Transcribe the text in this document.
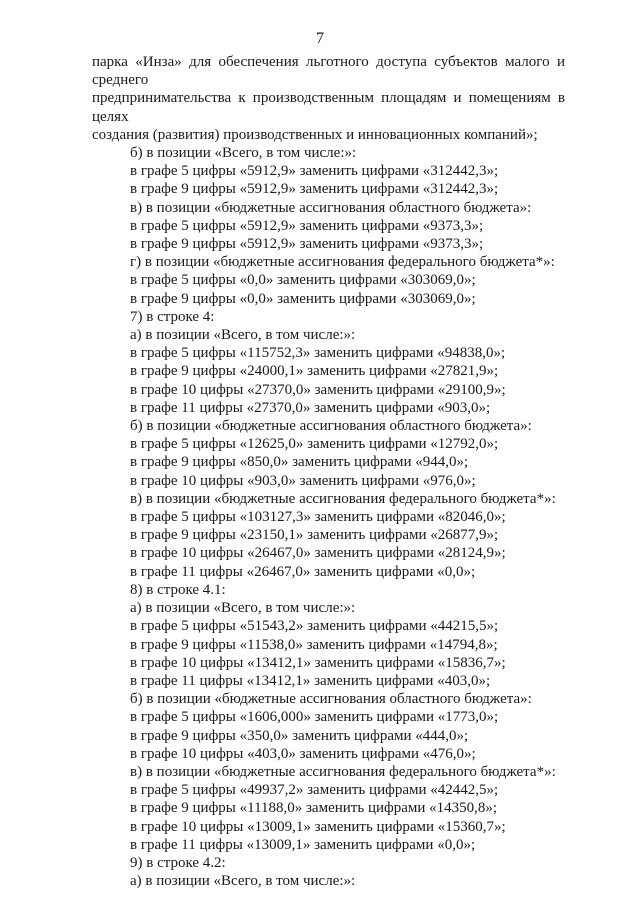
7

парка «Инза» для обеспечения льготного доступа субъектов малого и среднего

предпринимательства к производственным площадям и помещениям в целях

создания (развития) производственных и инновационных компаний»;

б) в позиции «Всего, в том числе:»:

в графе 5 цифры «5912,9» заменить цифрами «312442,3»;

в графе 9 цифры «5912,9» заменить цифрами «312442,3»;

в) в позиции «бюджетные ассигнования областного бюджета»:

в графе 5 цифры «5912,9» заменить цифрами «9373,3»;

в графе 9 цифры «5912,9» заменить цифрами «9373,3»;

г) в позиции «бюджетные ассигнования федерального бюджета*»:

в графе 5 цифры «0,0» заменить цифрами «303069,0»;

в графе 9 цифры «0,0» заменить цифрами «303069,0»;

7) в строке 4:

а) в позиции «Всего, в том числе:»:

в графе 5 цифры «115752,3» заменить цифрами «94838,0»;

в графе 9 цифры «24000,1» заменить цифрами «27821,9»;

в графе 10 цифры «27370,0» заменить цифрами «29100,9»;

в графе 11 цифры «27370,0» заменить цифрами «903,0»;

б) в позиции «бюджетные ассигнования областного бюджета»:

в графе 5 цифры «12625,0» заменить цифрами «12792,0»;

в графе 9 цифры «850,0» заменить цифрами «944,0»;

в графе 10 цифры «903,0» заменить цифрами «976,0»;

в) в позиции «бюджетные ассигнования федерального бюджета*»:

в графе 5 цифры «103127,3» заменить цифрами «82046,0»;

в графе 9 цифры «23150,1» заменить цифрами «26877,9»;

в графе 10 цифры «26467,0» заменить цифрами «28124,9»;

в графе 11 цифры «26467,0» заменить цифрами «0,0»;

8) в строке 4.1:

а) в позиции «Всего, в том числе:»:

в графе 5 цифры «51543,2» заменить цифрами «44215,5»;

в графе 9 цифры «11538,0» заменить цифрами «14794,8»;

в графе 10 цифры «13412,1» заменить цифрами «15836,7»;

в графе 11 цифры «13412,1» заменить цифрами «403,0»;

б) в позиции «бюджетные ассигнования областного бюджета»:

в графе 5 цифры «1606,000» заменить цифрами «1773,0»;

в графе 9 цифры «350,0» заменить цифрами «444,0»;

в графе 10 цифры «403,0» заменить цифрами «476,0»;

в) в позиции «бюджетные ассигнования федерального бюджета*»:

в графе 5 цифры «49937,2» заменить цифрами «42442,5»;

в графе 9 цифры «11188,0» заменить цифрами «14350,8»;

в графе 10 цифры «13009,1» заменить цифрами «15360,7»;

в графе 11 цифры «13009,1» заменить цифрами «0,0»;

9) в строке 4.2:

а) в позиции «Всего, в том числе:»:
